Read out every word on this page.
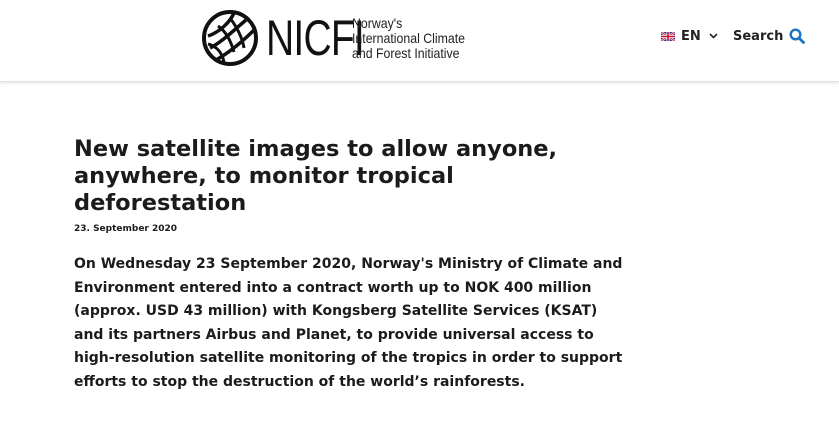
NICFI
Norway's
International Climate
and Forest Initiative
EN Search
New satellite images to allow anyone, anywhere, to monitor tropical deforestation
23. September 2020

On Wednesday 23 September 2020, Norway's Ministry of Climate and Environment entered into a contract worth up to NOK 400 million (approx. USD 43 million) with Kongsberg Satellite Services (KSAT) and its partners Airbus and Planet, to provide universal access to high-resolution satellite monitoring of the tropics in order to support efforts to stop the destruction of the world’s rainforests.
